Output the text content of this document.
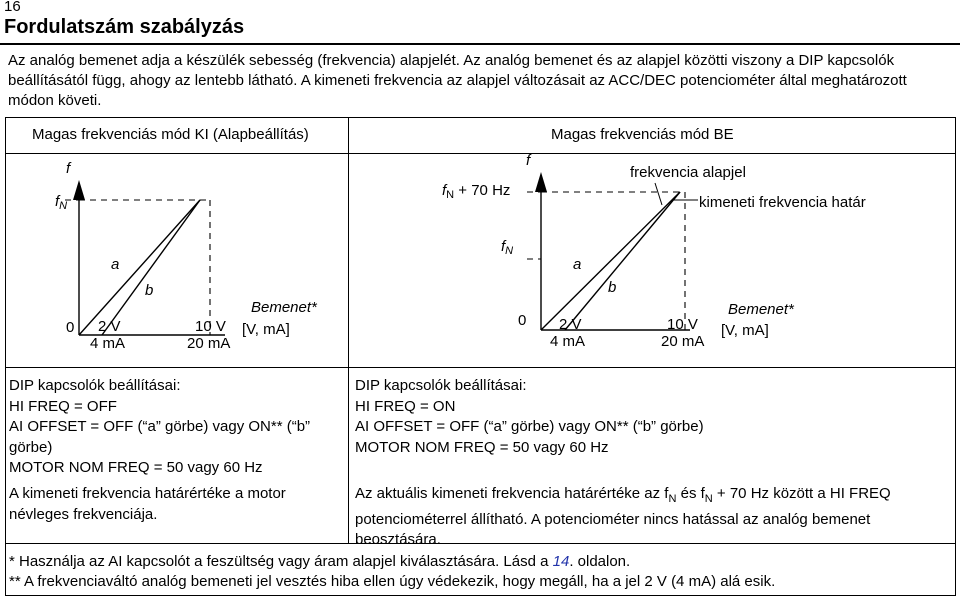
16
Fordulatszám szabályzás
Az analóg bemenet adja a készülék sebesség (frekvencia) alapjelét. Az analóg bemenet és az alapjel közötti viszony a DIP kapcsolók beállításától függ, ahogy az lentebb látható. A kimeneti frekvencia az alapjel változásait az ACC/DEC potenciométer által meghatározott módon követi.
Magas frekvenciás mód KI (Alapbeállítás)	Magas frekvenciás mód BE
f
$f_N$
a
b
0 2 V
4 mA
10 V
20 mA
Bemenet*
[V, mA]
f
$f_N + 70$ Hz
$f_N$
frekvencia alapjel
kimeneti frekvencia határ
a
b
0 2 V
4 mA
10 V
20 mA
Bemenet*
[V, mA]

DIP kapcsolók beállításai:

HI FREQ = OFF

AI OFFSET = OFF (“a” görbe) vagy ON** (“b” görbe)

MOTOR NOM FREQ = 50 vagy 60 Hz

A kimeneti frekvencia határértéke a motor névleges frekvenciája.

DIP kapcsolók beállításai:

HI FREQ = ON

AI OFFSET = OFF (“a” görbe) vagy ON** (“b” görbe)

MOTOR NOM FREQ = 50 vagy 60 Hz

Az aktuális kimeneti frekvencia határértéke az $f_N$ és $f_N + 70$ Hz között a HI FREQ potenciométerrel állítható. A potenciométer nincs hatással az analóg bemenet beosztására.
* Használja az AI kapcsolót a feszültség vagy áram alapjel kiválasztására. Lásd a 14. oldalon.
** A frekvenciaváltó analóg bemeneti jel vesztés hiba ellen úgy védekezik, hogy megáll, ha a jel 2 V (4 mA) alá esik.
